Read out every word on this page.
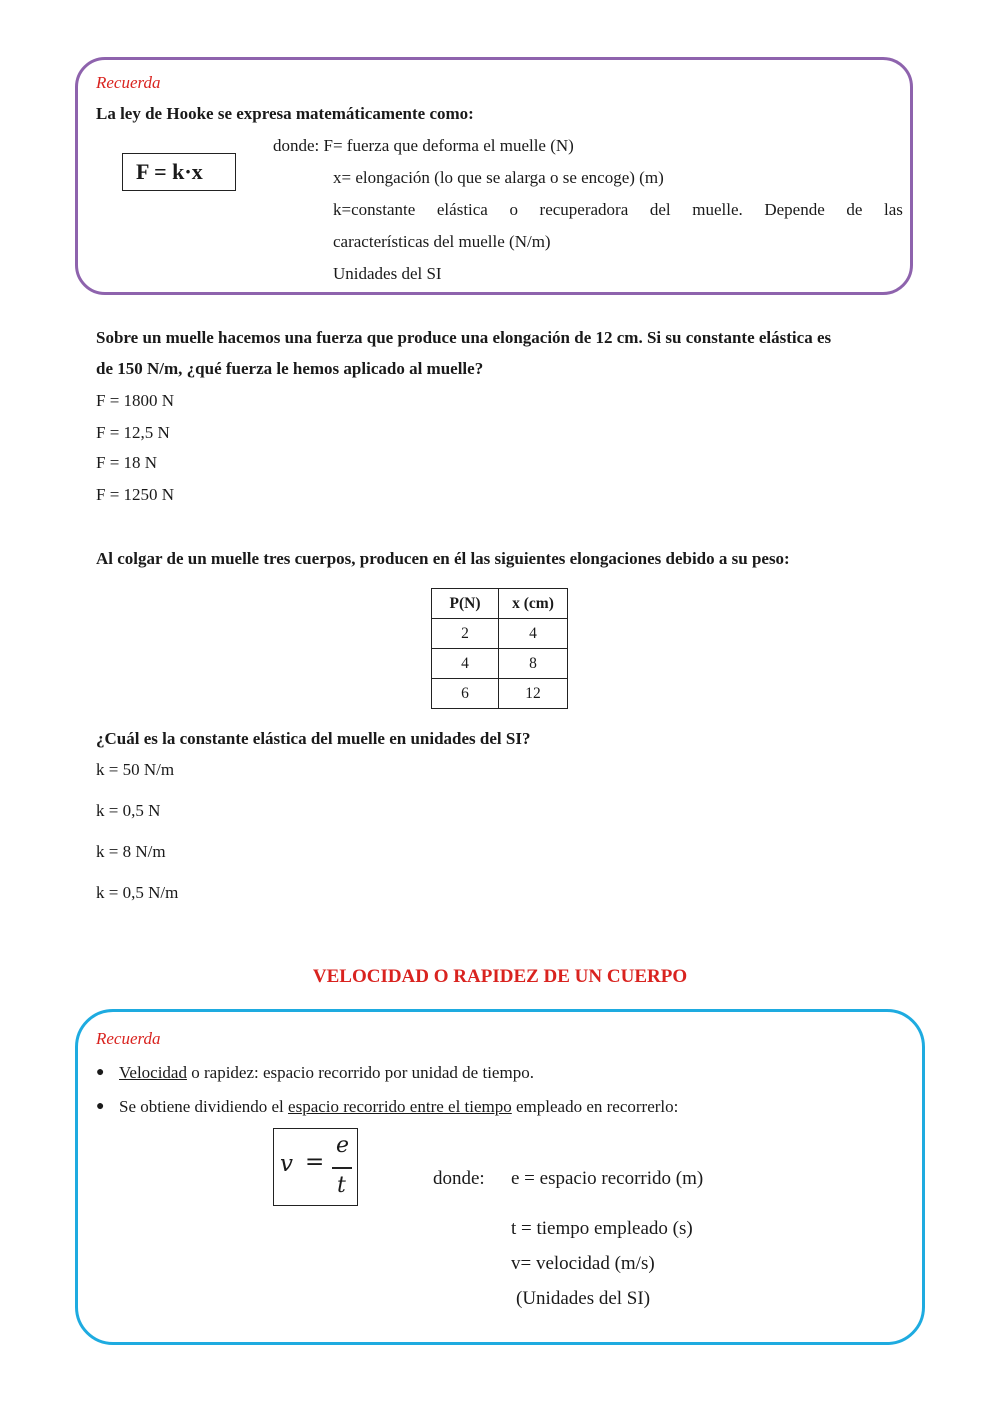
Recuerda
La ley de Hooke se expresa matemáticamente como:
F = k·x
donde: F= fuerza que deforma el muelle (N)
x= elongación (lo que se alarga o se encoge) (m)
k=constante elástica o recuperadora del muelle. Depende de las
características del muelle (N/m)
Unidades del SI
Sobre un muelle hacemos una fuerza que produce una elongación de 12 cm. Si su constante elástica es
de 150 N/m, ¿qué fuerza le hemos aplicado al muelle?
F = 1800 N
F = 12,5 N
F = 18 N
F = 1250 N
Al colgar de un muelle tres cuerpos, producen en él las siguientes elongaciones debido a su peso:
P(N)	x (cm)
2	4
4	8
6	12
¿Cuál es la constante elástica del muelle en unidades del SI?
k = 50 N/m
k = 0,5 N
k = 8 N/m
k = 0,5 N/m
VELOCIDAD O RAPIDEZ DE UN CUERPO
Recuerda
● Velocidad o rapidez: espacio recorrido por unidad de tiempo.
● Se obtiene dividiendo el espacio recorrido entre el tiempo empleado en recorrerlo:
v =
e
t	donde: e = espacio recorrido (m)
t = tiempo empleado (s)
v= velocidad (m/s)
(Unidades del SI)
